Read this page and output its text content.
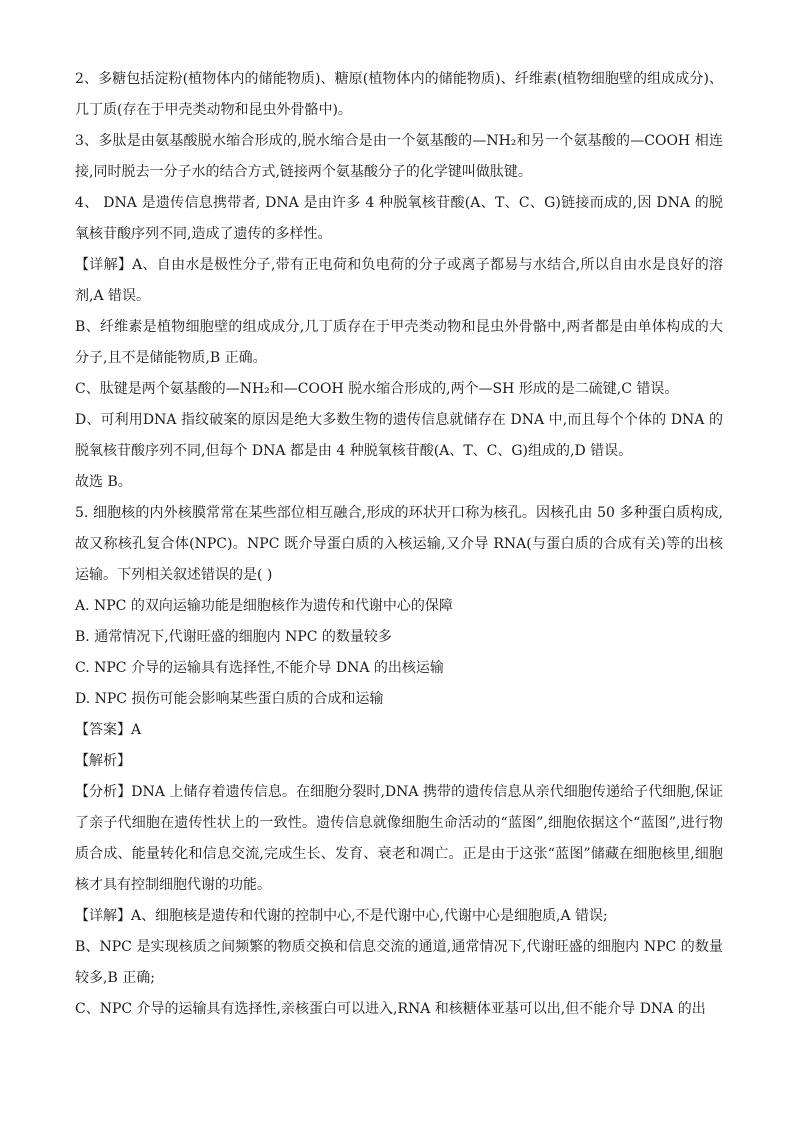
2、多糖包括淀粉(植物体内的储能物质)、糖原(植物体内的储能物质)、纤维素(植物细胞壁的组成成分)、几丁质(存在于甲壳类动物和昆虫外骨骼中)。

3、多肽是由氨基酸脱水缩合形成的,脱水缩合是由一个氨基酸的—NH₂和另一个氨基酸的—COOH 相连接,同时脱去一分子水的结合方式,链接两个氨基酸分子的化学键叫做肽键。

4、 DNA 是遗传信息携带者, DNA 是由许多 4 种脱氧核苷酸(A、T、C、G)链接而成的,因 DNA 的脱氧核苷酸序列不同,造成了遗传的多样性。

【详解】A、自由水是极性分子,带有正电荷和负电荷的分子或离子都易与水结合,所以自由水是良好的溶剂,A 错误。

B、纤维素是植物细胞壁的组成成分,几丁质存在于甲壳类动物和昆虫外骨骼中,两者都是由单体构成的大分子,且不是储能物质,B 正确。

C、肽键是两个氨基酸的—NH₂和—COOH 脱水缩合形成的,两个—SH 形成的是二硫键,C 错误。

D、可利用DNA 指纹破案的原因是绝大多数生物的遗传信息就储存在 DNA 中,而且每个个体的 DNA 的脱氧核苷酸序列不同,但每个 DNA 都是由 4 种脱氧核苷酸(A、T、C、G)组成的,D 错误。

故选 B。

5. 细胞核的内外核膜常常在某些部位相互融合,形成的环状开口称为核孔。因核孔由 50 多种蛋白质构成,故又称核孔复合体(NPC)。NPC 既介导蛋白质的入核运输,又介导 RNA(与蛋白质的合成有关)等的出核运输。下列相关叙述错误的是( )

A. NPC 的双向运输功能是细胞核作为遗传和代谢中心的保障

B. 通常情况下,代谢旺盛的细胞内 NPC 的数量较多

C. NPC 介导的运输具有选择性,不能介导 DNA 的出核运输

D. NPC 损伤可能会影响某些蛋白质的合成和运输

【答案】A

【解析】

【分析】DNA 上储存着遗传信息。在细胞分裂时,DNA 携带的遗传信息从亲代细胞传递给子代细胞,保证了亲子代细胞在遗传性状上的一致性。遗传信息就像细胞生命活动的“蓝图”,细胞依据这个“蓝图”,进行物质合成、能量转化和信息交流,完成生长、发育、衰老和凋亡。正是由于这张“蓝图”储藏在细胞核里,细胞核才具有控制细胞代谢的功能。

【详解】A、细胞核是遗传和代谢的控制中心,不是代谢中心,代谢中心是细胞质,A 错误;

B、NPC 是实现核质之间频繁的物质交换和信息交流的通道,通常情况下,代谢旺盛的细胞内 NPC 的数量较多,B 正确;

C、NPC 介导的运输具有选择性,亲核蛋白可以进入,RNA 和核糖体亚基可以出,但不能介导 DNA 的出
